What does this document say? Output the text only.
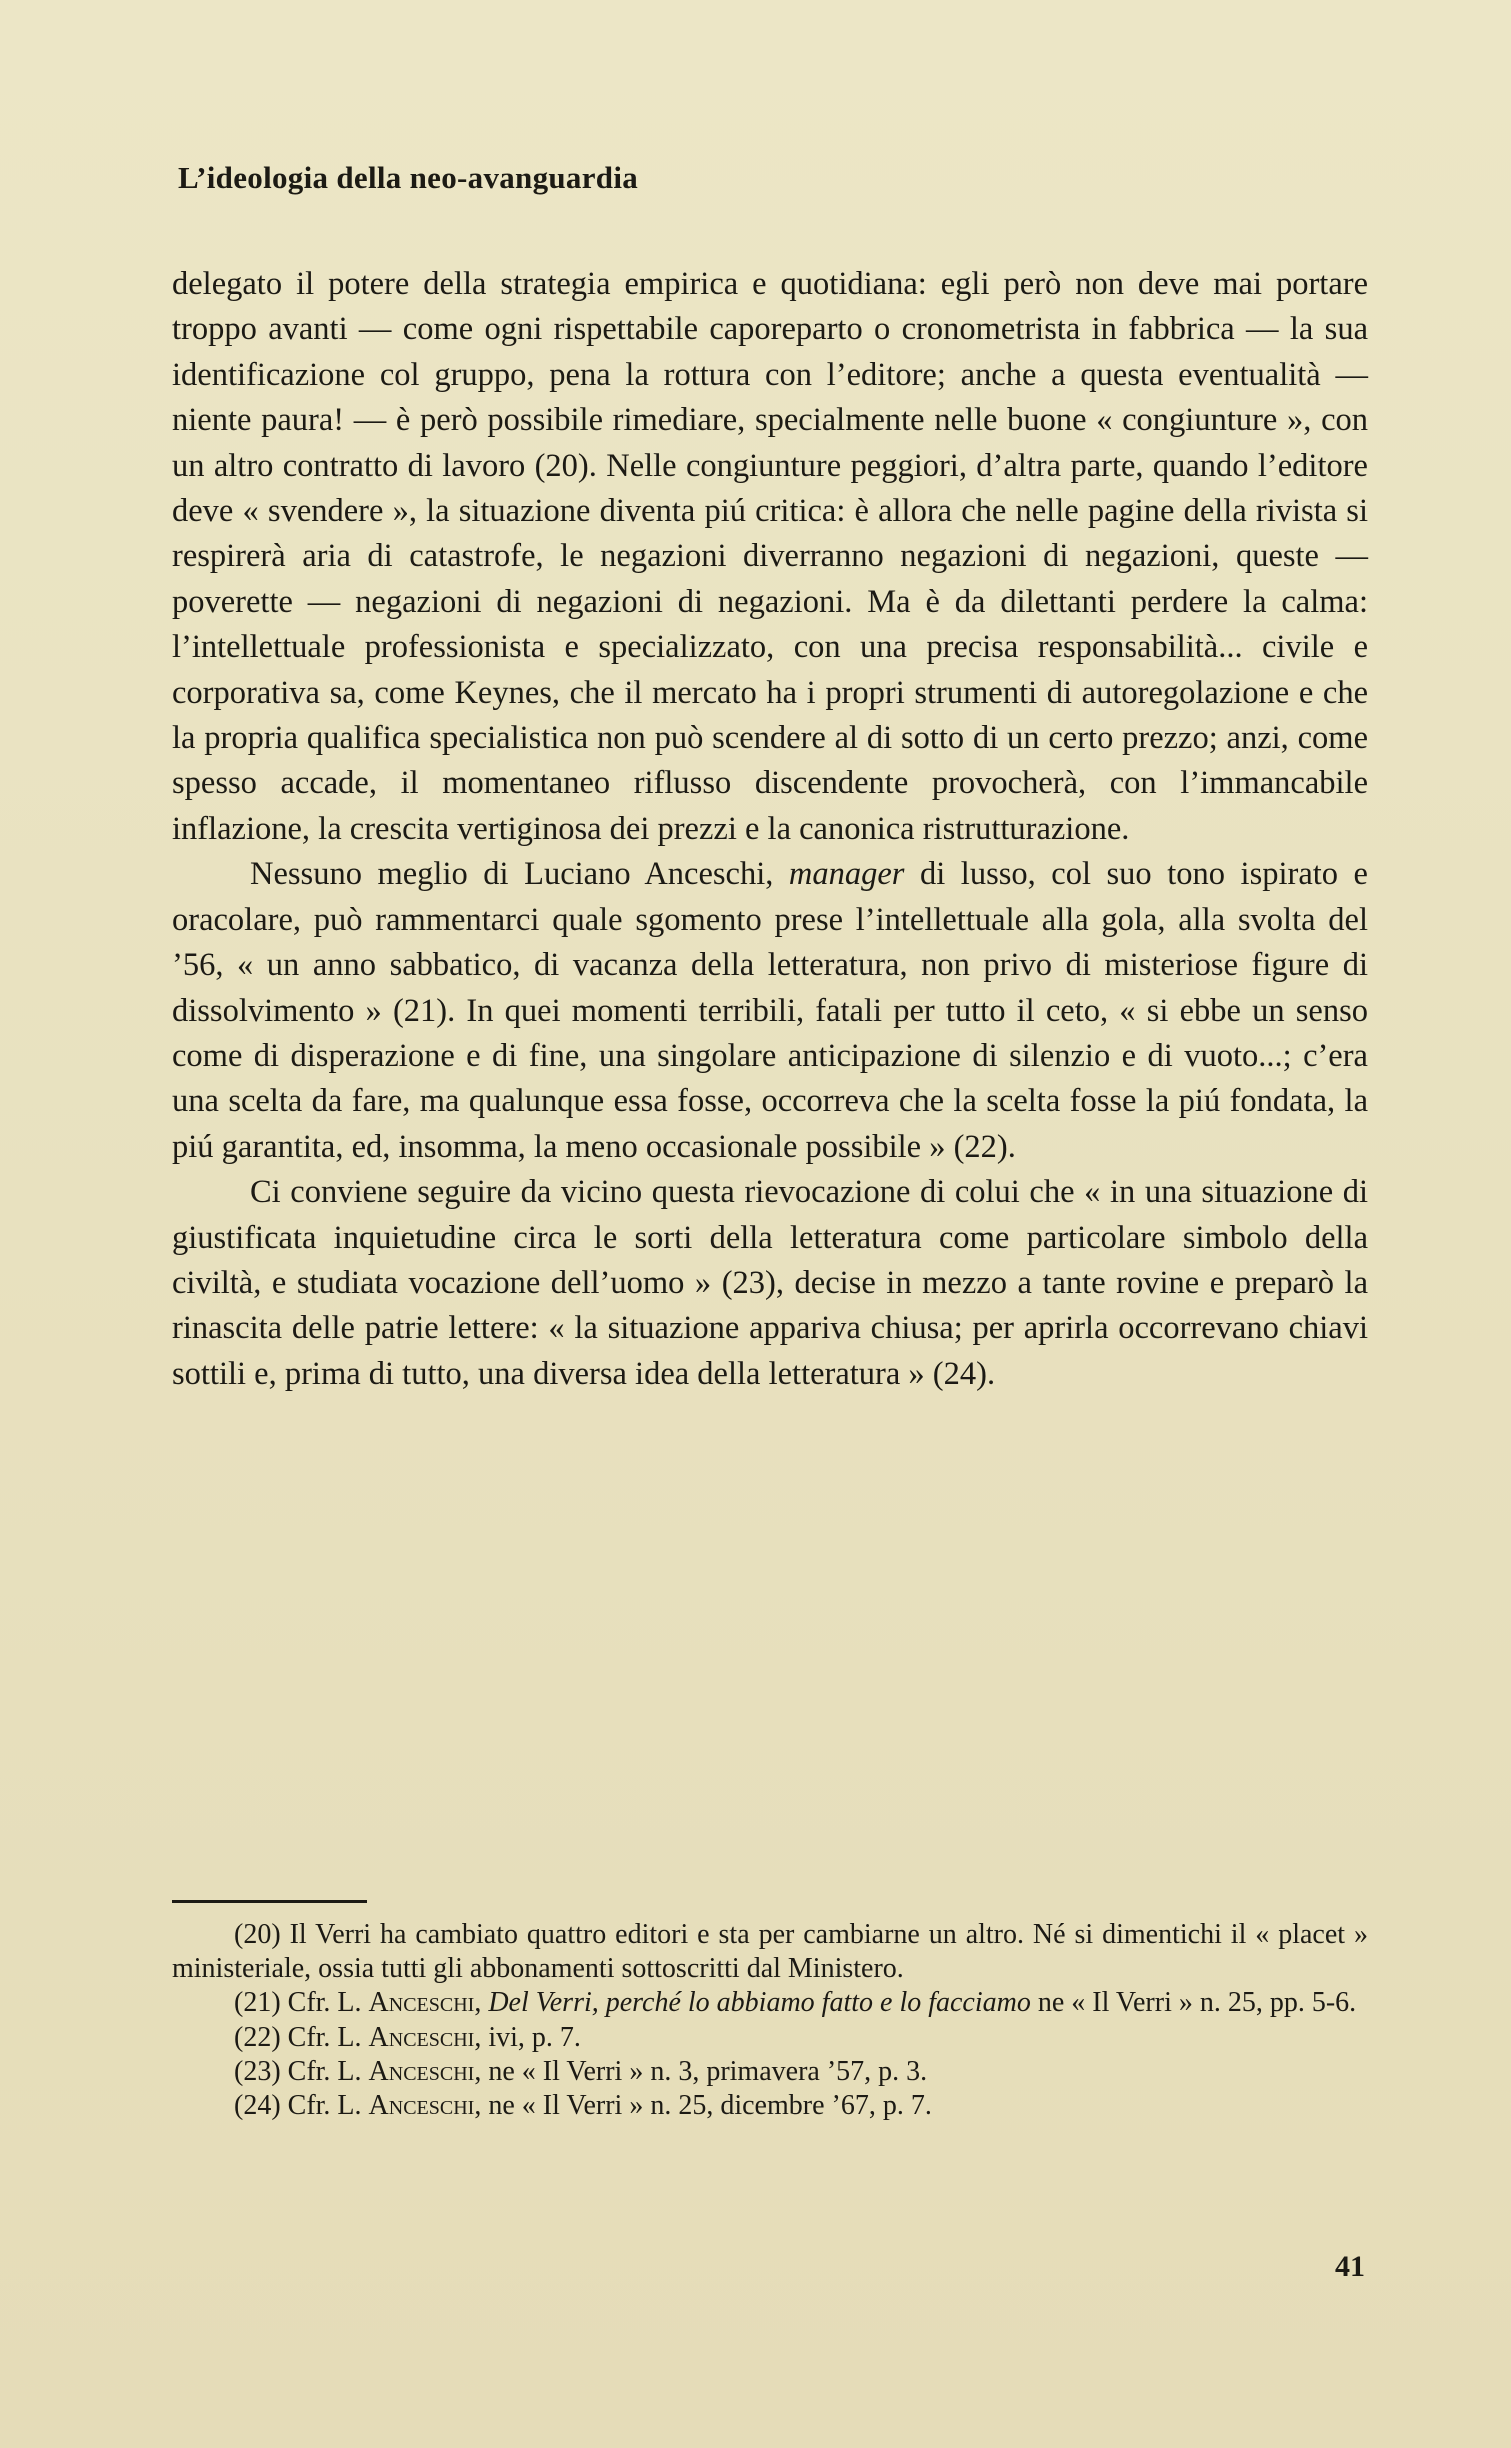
L’ideologia della neo-avanguardia

delegato il potere della strategia empirica e quotidiana: egli però non deve mai portare troppo avanti — come ogni rispettabile caporeparto o cronometrista in fabbrica — la sua identificazione col gruppo, pena la rottura con l’editore; anche a questa eventualità — niente paura! — è però possibile rimediare, specialmente nelle buone « congiunture », con un altro contratto di lavoro (20). Nelle congiunture peggiori, d’altra parte, quando l’editore deve « svendere », la situazione diventa piú critica: è allora che nelle pagine della rivista si respirerà aria di catastrofe, le negazioni diverranno negazioni di negazioni, queste — poverette — negazioni di negazioni di negazioni. Ma è da dilettanti perdere la calma: l’intellettuale professionista e specializzato, con una precisa responsabilità... civile e corporativa sa, come Keynes, che il mercato ha i propri strumenti di autoregolazione e che la propria qualifica specialistica non può scendere al di sotto di un certo prezzo; anzi, come spesso accade, il momentaneo riflusso discendente provocherà, con l’immancabile inflazione, la crescita vertiginosa dei prezzi e la canonica ristrutturazione.

Nessuno meglio di Luciano Anceschi, manager di lusso, col suo tono ispirato e oracolare, può rammentarci quale sgomento prese l’intellettuale alla gola, alla svolta del ’56, « un anno sabbatico, di vacanza della letteratura, non privo di misteriose figure di dissolvimento » (21). In quei momenti terribili, fatali per tutto il ceto, « si ebbe un senso come di disperazione e di fine, una singolare anticipazione di silenzio e di vuoto...; c’era una scelta da fare, ma qualunque essa fosse, occorreva che la scelta fosse la piú fondata, la piú garantita, ed, insomma, la meno occasionale possibile » (22).

Ci conviene seguire da vicino questa rievocazione di colui che « in una situazione di giustificata inquietudine circa le sorti della letteratura come particolare simbolo della civiltà, e studiata vocazione dell’uomo » (23), decise in mezzo a tante rovine e preparò la rinascita delle patrie lettere: « la situazione appariva chiusa; per aprirla occorrevano chiavi sottili e, prima di tutto, una diversa idea della letteratura » (24).

(20) Il Verri ha cambiato quattro editori e sta per cambiarne un altro. Né si dimentichi il « placet » ministeriale, ossia tutti gli abbonamenti sottoscritti dal Ministero.

(21) Cfr. L. Anceschi, Del Verri, perché lo abbiamo fatto e lo facciamo ne « Il Verri » n. 25, pp. 5-6.

(22) Cfr. L. Anceschi, ivi, p. 7.

(23) Cfr. L. Anceschi, ne « Il Verri » n. 3, primavera ’57, p. 3.

(24) Cfr. L. Anceschi, ne « Il Verri » n. 25, dicembre ’67, p. 7.

41
